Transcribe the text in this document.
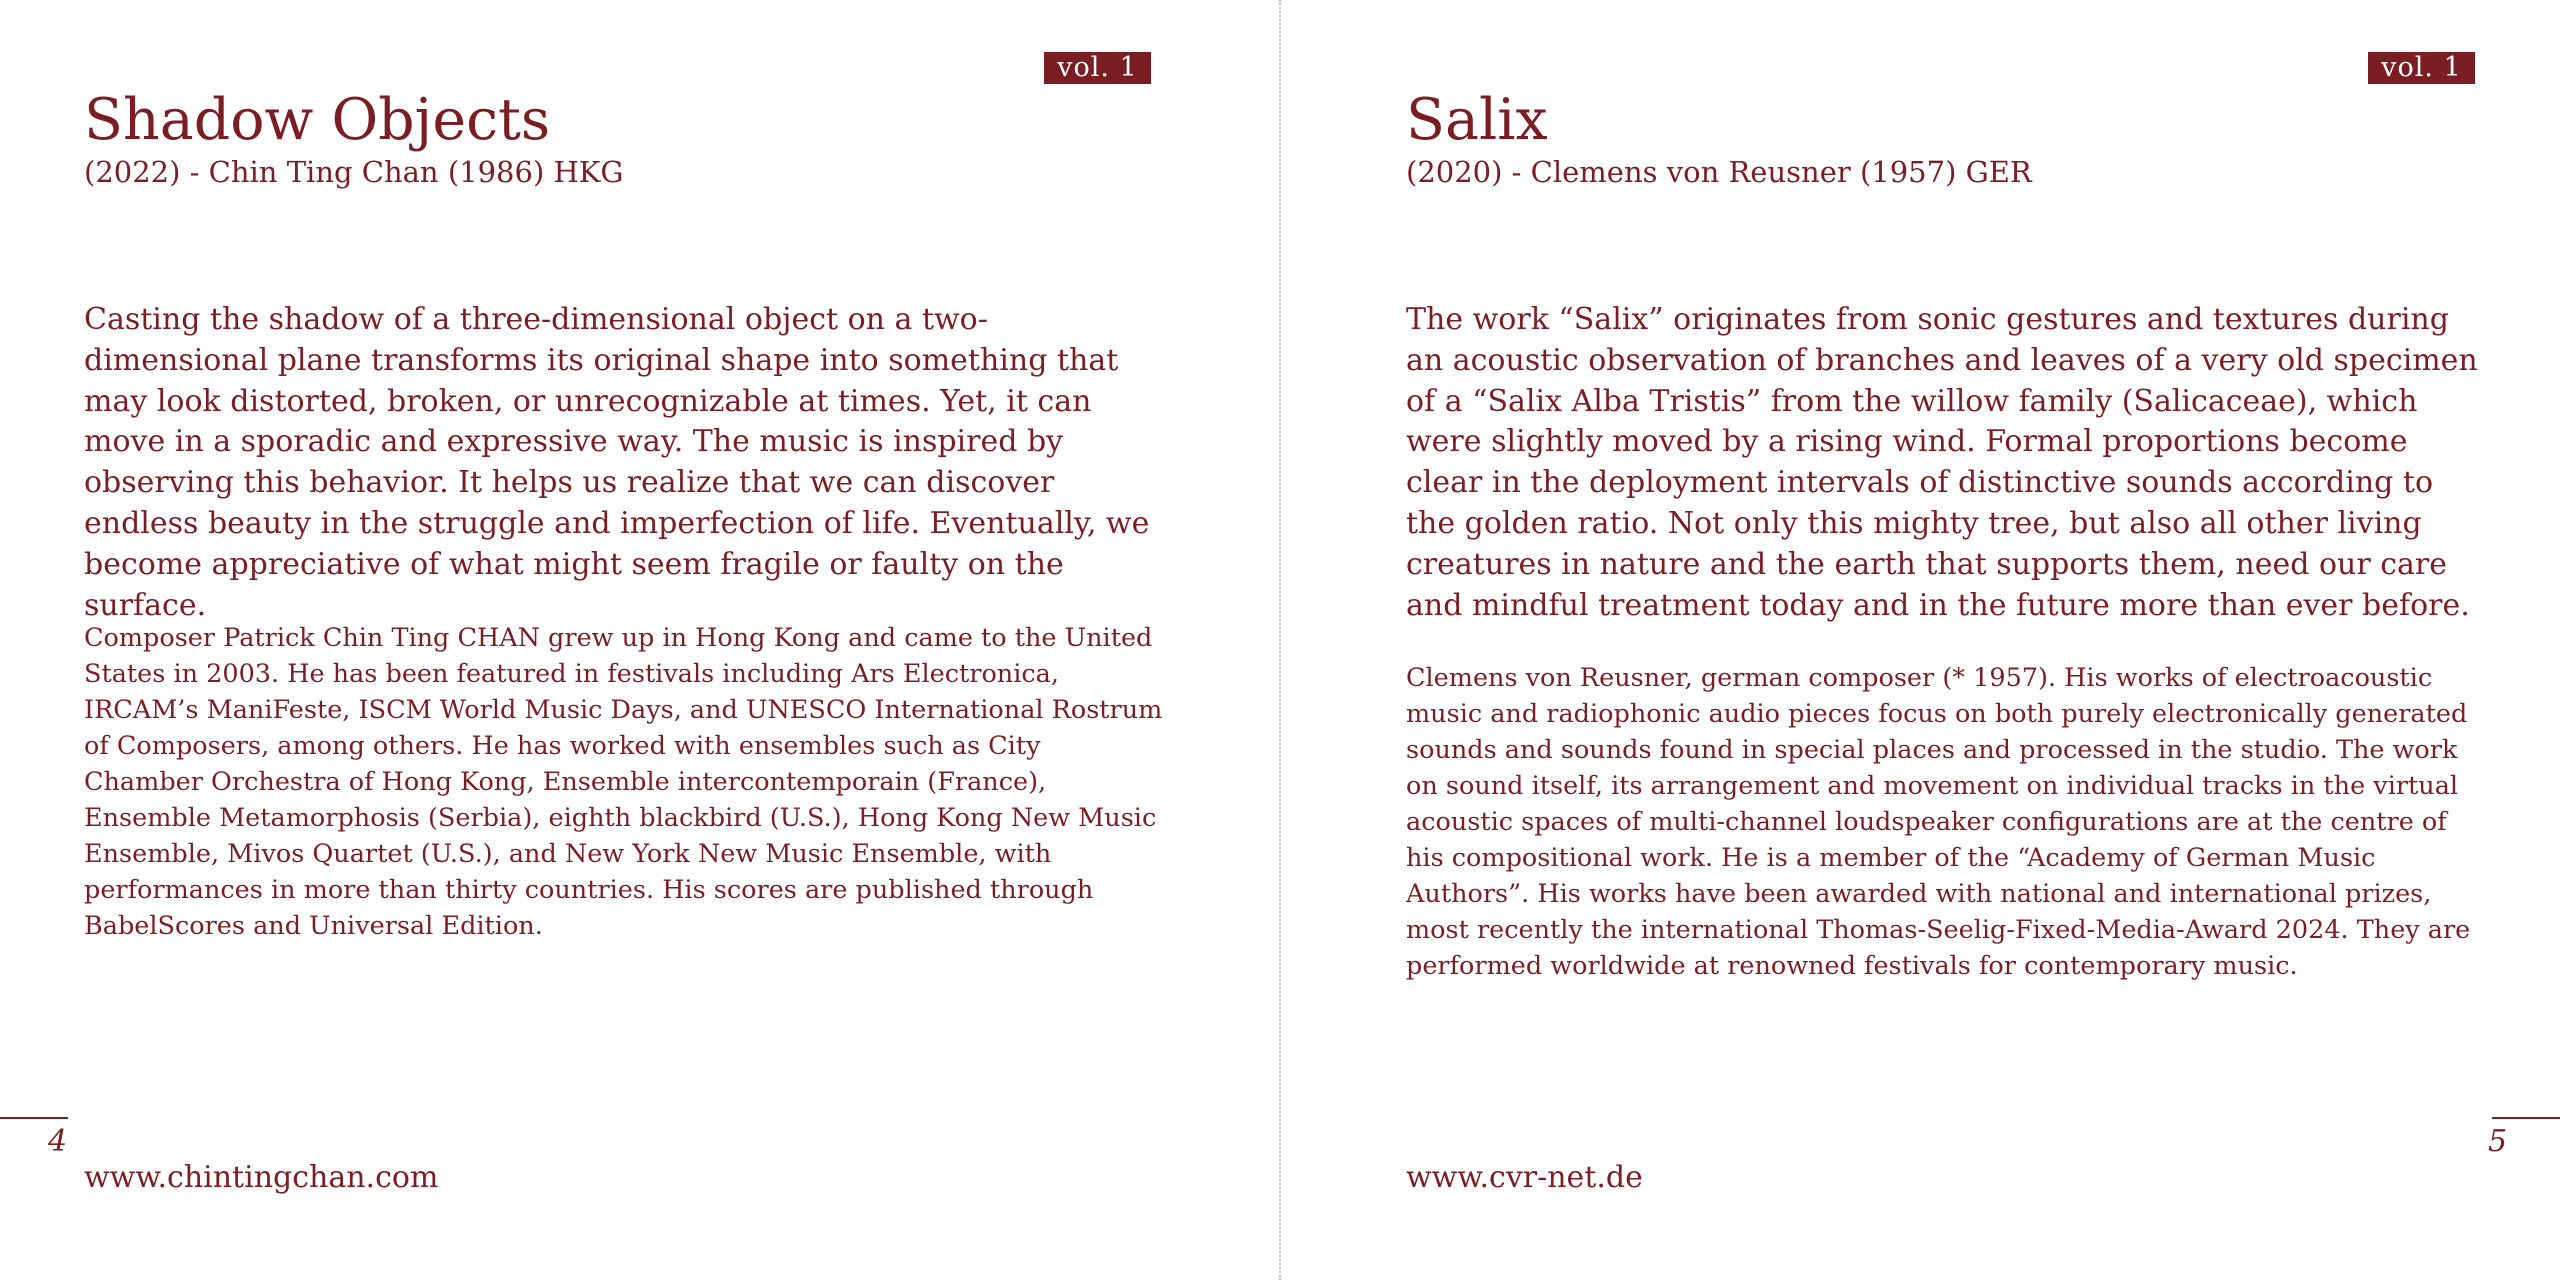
vol. 1
Shadow Objects

(2022) - Chin Ting Chan (1986) HKG

Casting the shadow of a three-dimensional object on a two-dimensional plane transforms its original shape into something that may look distorted, broken, or unrecognizable at times. Yet, it can move in a sporadic and expressive way. The music is inspired by observing this behavior. It helps us realize that we can discover endless beauty in the struggle and imperfection of life. Eventually, we become appreciative of what might seem fragile or faulty on the surface.

Composer Patrick Chin Ting CHAN grew up in Hong Kong and came to the United States in 2003. He has been featured in festivals including Ars Electronica, IRCAM’s ManiFeste, ISCM World Music Days, and UNESCO International Rostrum of Composers, among others. He has worked with ensembles such as City Chamber Orchestra of Hong Kong, Ensemble intercontemporain (France), Ensemble Metamorphosis (Serbia), eighth blackbird (U.S.), Hong Kong New Music Ensemble, Mivos Quartet (U.S.), and New York New Music Ensemble, with performances in more than thirty countries. His scores are published through BabelScores and Universal Edition.

4
www.chintingchan.com
vol. 1
Salix

(2020) - Clemens von Reusner (1957) GER

The work “Salix” originates from sonic gestures and textures during an acoustic observation of branches and leaves of a very old specimen of a “Salix Alba Tristis” from the willow family (Salicaceae), which were slightly moved by a rising wind. Formal proportions become clear in the deployment intervals of distinctive sounds according to the golden ratio. Not only this mighty tree, but also all other living creatures in nature and the earth that supports them, need our care and mindful treatment today and in the future more than ever before.

Clemens von Reusner, german composer (* 1957). His works of electroacoustic music and radiophonic audio pieces focus on both purely electronically generated sounds and sounds found in special places and processed in the studio. The work on sound itself, its arrangement and movement on individual tracks in the virtual acoustic spaces of multi-channel loudspeaker configurations are at the centre of his compositional work. He is a member of the “Academy of German Music Authors”. His works have been awarded with national and international prizes, most recently the international Thomas-Seelig-Fixed-Media-Award 2024. They are performed worldwide at renowned festivals for contemporary music.

5
www.cvr-net.de
